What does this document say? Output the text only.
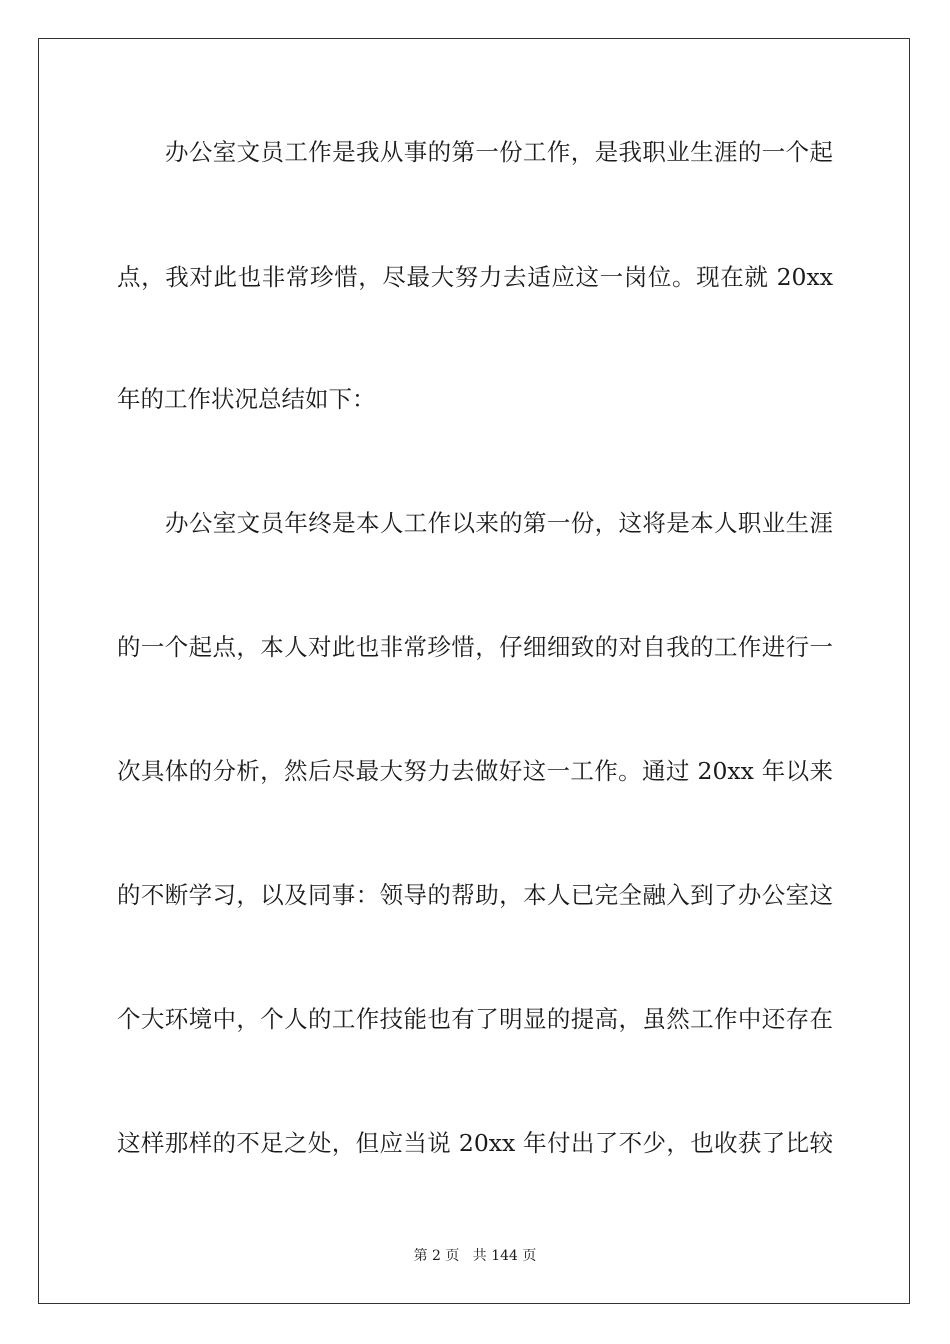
办公室文员工作是我从事的第一份工作，是我职业生涯的一个起
点，我对此也非常珍惜，尽最大努力去适应这一岗位。现在就 20xx
年的工作状况总结如下：
办公室文员年终是本人工作以来的第一份，这将是本人职业生涯
的一个起点，本人对此也非常珍惜，仔细细致的对自我的工作进行一
次具体的分析，然后尽最大努力去做好这一工作。通过 20xx 年以来
的不断学习，以及同事：领导的帮助，本人已完全融入到了办公室这
个大环境中，个人的工作技能也有了明显的提高，虽然工作中还存在
这样那样的不足之处，但应当说 20xx 年付出了不少，也收获了比较
第 2 页   共 144 页
